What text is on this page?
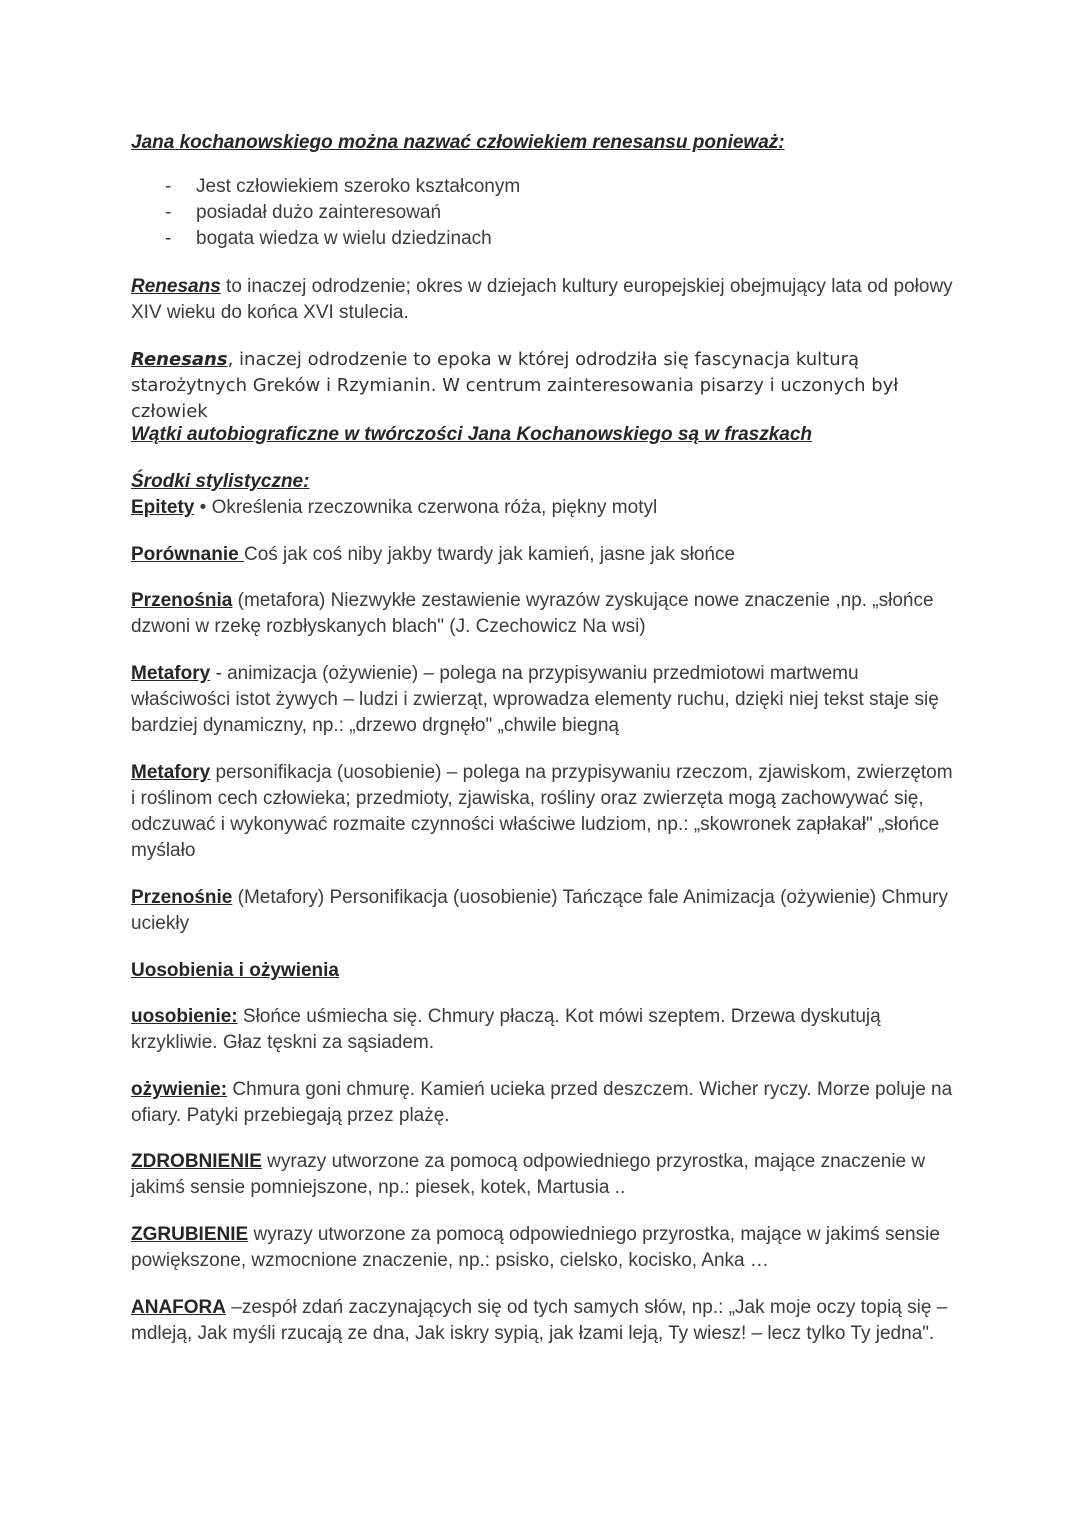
Jana kochanowskiego można nazwać człowiekiem renesansu ponieważ:

- Jest człowiekiem szeroko kształconym
- posiadał dużo zainteresowań
- bogata wiedza w wielu dziedzinach

Renesans to inaczej odrodzenie; okres w dziejach kultury europejskiej obejmujący lata od połowy XIV wieku do końca XVI stulecia.

Renesans, inaczej odrodzenie to epoka w której odrodziła się fascynacja kulturą starożytnych Greków i Rzymianin. W centrum zainteresowania pisarzy i uczonych był człowiek

Wątki autobiograficzne w twórczości Jana Kochanowskiego są w fraszkach

Środki stylistyczne:

Epitety • Określenia rzeczownika czerwona róża, piękny motyl

Porównanie Coś jak coś niby jakby twardy jak kamień, jasne jak słońce

Przenośnia (metafora) Niezwykłe zestawienie wyrazów zyskujące nowe znaczenie ,np. „słońce dzwoni w rzekę rozbłyskanych blach" (J. Czechowicz Na wsi)

Metafory - animizacja (ożywienie) – polega na przypisywaniu przedmiotowi martwemu właściwości istot żywych – ludzi i zwierząt, wprowadza elementy ruchu, dzięki niej tekst staje się bardziej dynamiczny, np.: „drzewo drgnęło" „chwile biegną

Metafory personifikacja (uosobienie) – polega na przypisywaniu rzeczom, zjawiskom, zwierzętom i roślinom cech człowieka; przedmioty, zjawiska, rośliny oraz zwierzęta mogą zachowywać się, odczuwać i wykonywać rozmaite czynności właściwe ludziom, np.: „skowronek zapłakał" „słońce myślało

Przenośnie (Metafory) Personifikacja (uosobienie) Tańczące fale Animizacja (ożywienie) Chmury uciekły

Uosobienia i ożywienia

uosobienie: Słońce uśmiecha się. Chmury płaczą. Kot mówi szeptem. Drzewa dyskutują krzykliwie. Głaz tęskni za sąsiadem.

ożywienie: Chmura goni chmurę. Kamień ucieka przed deszczem. Wicher ryczy. Morze poluje na ofiary. Patyki przebiegają przez plażę.

ZDROBNIENIE wyrazy utworzone za pomocą odpowiedniego przyrostka, mające znaczenie w jakimś sensie pomniejszone, np.: piesek, kotek, Martusia ..

ZGRUBIENIE wyrazy utworzone za pomocą odpowiedniego przyrostka, mające w jakimś sensie powiększone, wzmocnione znaczenie, np.: psisko, cielsko, kocisko, Anka …

ANAFORA –zespół zdań zaczynających się od tych samych słów, np.: „Jak moje oczy topią się – mdleją, Jak myśli rzucają ze dna, Jak iskry sypią, jak łzami leją, Ty wiesz! – lecz tylko Ty jedna".
